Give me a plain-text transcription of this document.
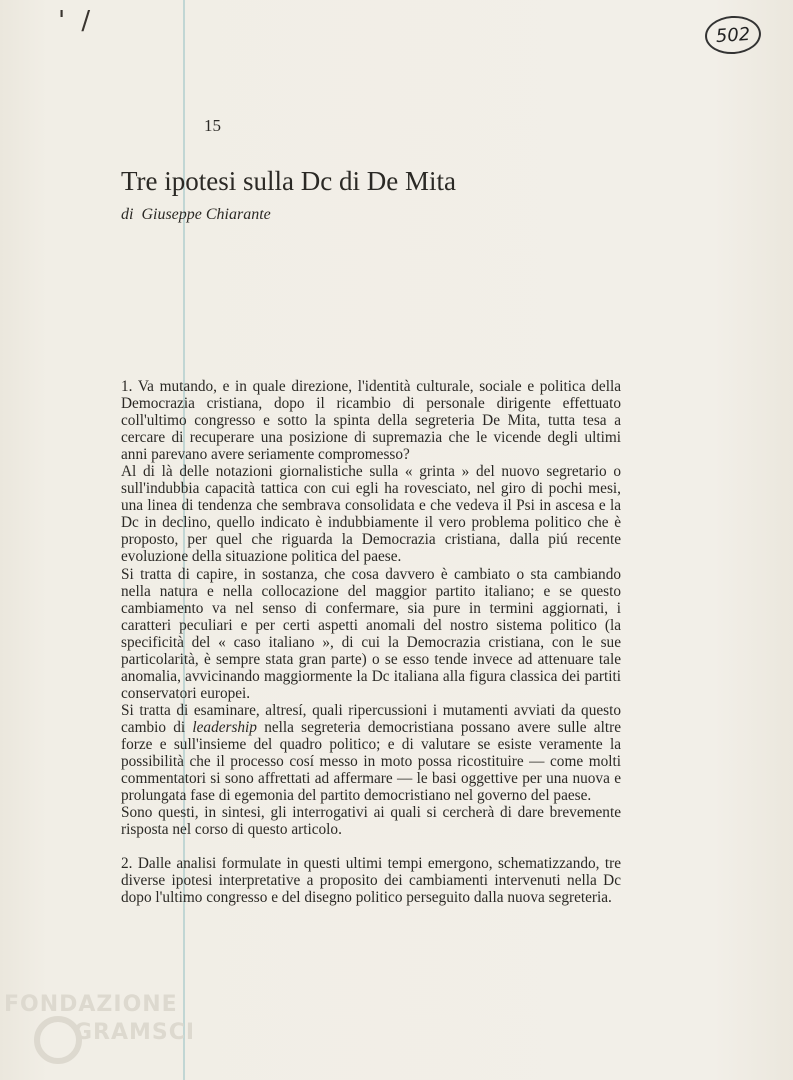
' /	502
15
Tre ipotesi sulla Dc di De Mita
di Giuseppe Chiarante

1. Va mutando, e in quale direzione, l'identità culturale, sociale e politica della Democrazia cristiana, dopo il ricambio di personale dirigente effettuato coll'ultimo congresso e sotto la spinta della segreteria De Mita, tutta tesa a cercare di recuperare una posizione di supremazia che le vicende degli ultimi anni parevano avere seriamente compromesso?

Al di là delle notazioni giornalistiche sulla « grinta » del nuovo segretario o sull'indubbia capacità tattica con cui egli ha rovesciato, nel giro di pochi mesi, una linea di tendenza che sembrava consolidata e che vedeva il Psi in ascesa e la Dc in declino, quello indicato è indubbiamente il vero problema politico che è proposto, per quel che riguarda la Democrazia cristiana, dalla piú recente evoluzione della situazione politica del paese.

Si tratta di capire, in sostanza, che cosa davvero è cambiato o sta cambiando nella natura e nella collocazione del maggior partito italiano; e se questo cambiamento va nel senso di confermare, sia pure in termini aggiornati, i caratteri peculiari e per certi aspetti anomali del nostro sistema politico (la specificità del « caso italiano », di cui la Democrazia cristiana, con le sue particolarità, è sempre stata gran parte) o se esso tende invece ad attenuare tale anomalia, avvicinando maggiormente la Dc italiana alla figura classica dei partiti conservatori europei.

Si tratta di esaminare, altresí, quali ripercussioni i mutamenti avviati da questo cambio di leadership nella segreteria democristiana possano avere sulle altre forze e sull'insieme del quadro politico; e di valutare se esiste veramente la possibilità che il processo cosí messo in moto possa ricostituire — come molti commentatori si sono affrettati ad affermare — le basi oggettive per una nuova e prolungata fase di egemonia del partito democristiano nel governo del paese.

Sono questi, in sintesi, gli interrogativi ai quali si cercherà di dare brevemente risposta nel corso di questo articolo.

2. Dalle analisi formulate in questi ultimi tempi emergono, schematizzando, tre diverse ipotesi interpretative a proposito dei cambiamenti intervenuti nella Dc dopo l'ultimo congresso e del disegno politico perseguito dalla nuova segreteria.

FONDAZIONE
GRAMSCI
